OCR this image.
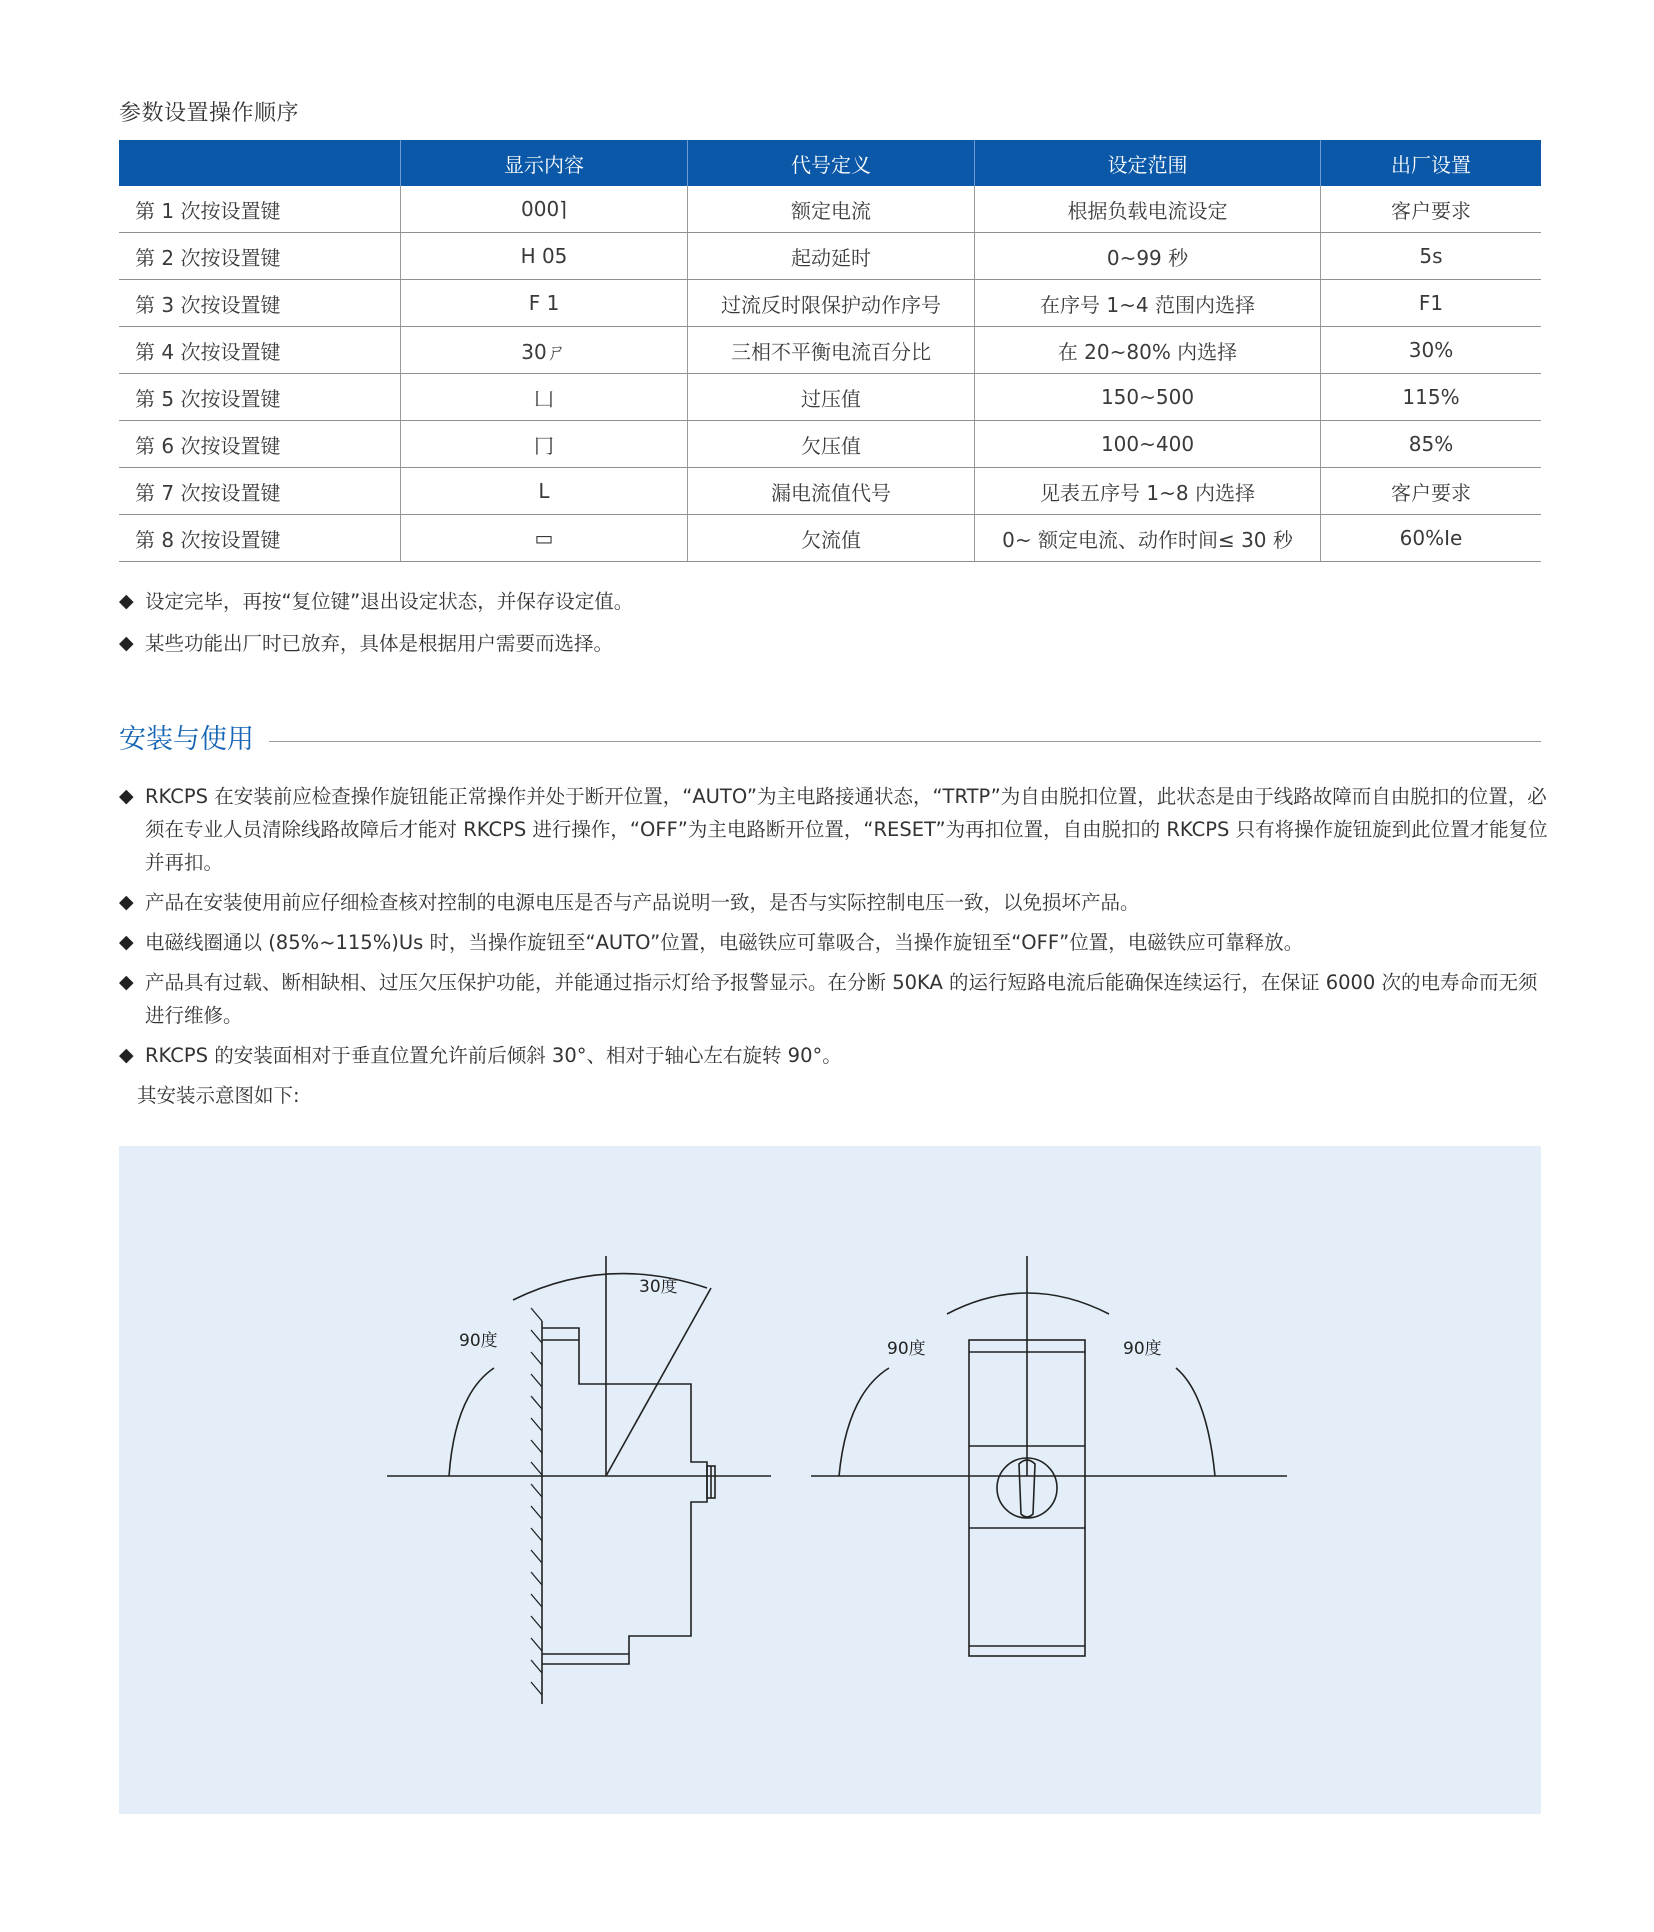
参数设置操作顺序
	显示内容	代号定义	设定范围	出厂设置
第 1 次按设置键	000⌉	额定电流	根据负载电流设定	客户要求
第 2 次按设置键	H 05	起动延时	0~99 秒	5s
第 3 次按设置键	F 1	过流反时限保护动作序号	在序号 1~4 范围内选择	F1
第 4 次按设置键	30ㄕ	三相不平衡电流百分比	在 20~80% 内选择	30%
第 5 次按设置键	凵	过压值	150~500	115%
第 6 次按设置键	冂	欠压值	100~400	85%
第 7 次按设置键	L	漏电流值代号	见表五序号 1~8 内选择	客户要求
第 8 次按设置键	▭	欠流值	0~ 额定电流、动作时间≤ 30 秒	60%Ie
◆ 设定完毕，再按“复位键”退出设定状态，并保存设定值。
◆ 某些功能出厂时已放弃，具体是根据用户需要而选择。
安装与使用
◆ RKCPS 在安装前应检查操作旋钮能正常操作并处于断开位置，“AUTO”为主电路接通状态，“TRTP”为自由脱扣位置，此状态是由于线路故障而自由脱扣的位置，必须在专业人员清除线路故障后才能对 RKCPS 进行操作，“OFF”为主电路断开位置，“RESET”为再扣位置，自由脱扣的 RKCPS 只有将操作旋钮旋到此位置才能复位并再扣。
◆ 产品在安装使用前应仔细检查核对控制的电源电压是否与产品说明一致，是否与实际控制电压一致，以免损坏产品。
◆ 电磁线圈通以 (85%~115%)Us 时，当操作旋钮至“AUTO”位置，电磁铁应可靠吸合，当操作旋钮至“OFF”位置，电磁铁应可靠释放。
◆ 产品具有过载、断相缺相、过压欠压保护功能，并能通过指示灯给予报警显示。在分断 50KA 的运行短路电流后能确保连续运行，在保证 6000 次的电寿命而无须进行维修。
◆ RKCPS 的安装面相对于垂直位置允许前后倾斜 30°、相对于轴心左右旋转 90°。
其安装示意图如下:
30度
90度	90度	90度
